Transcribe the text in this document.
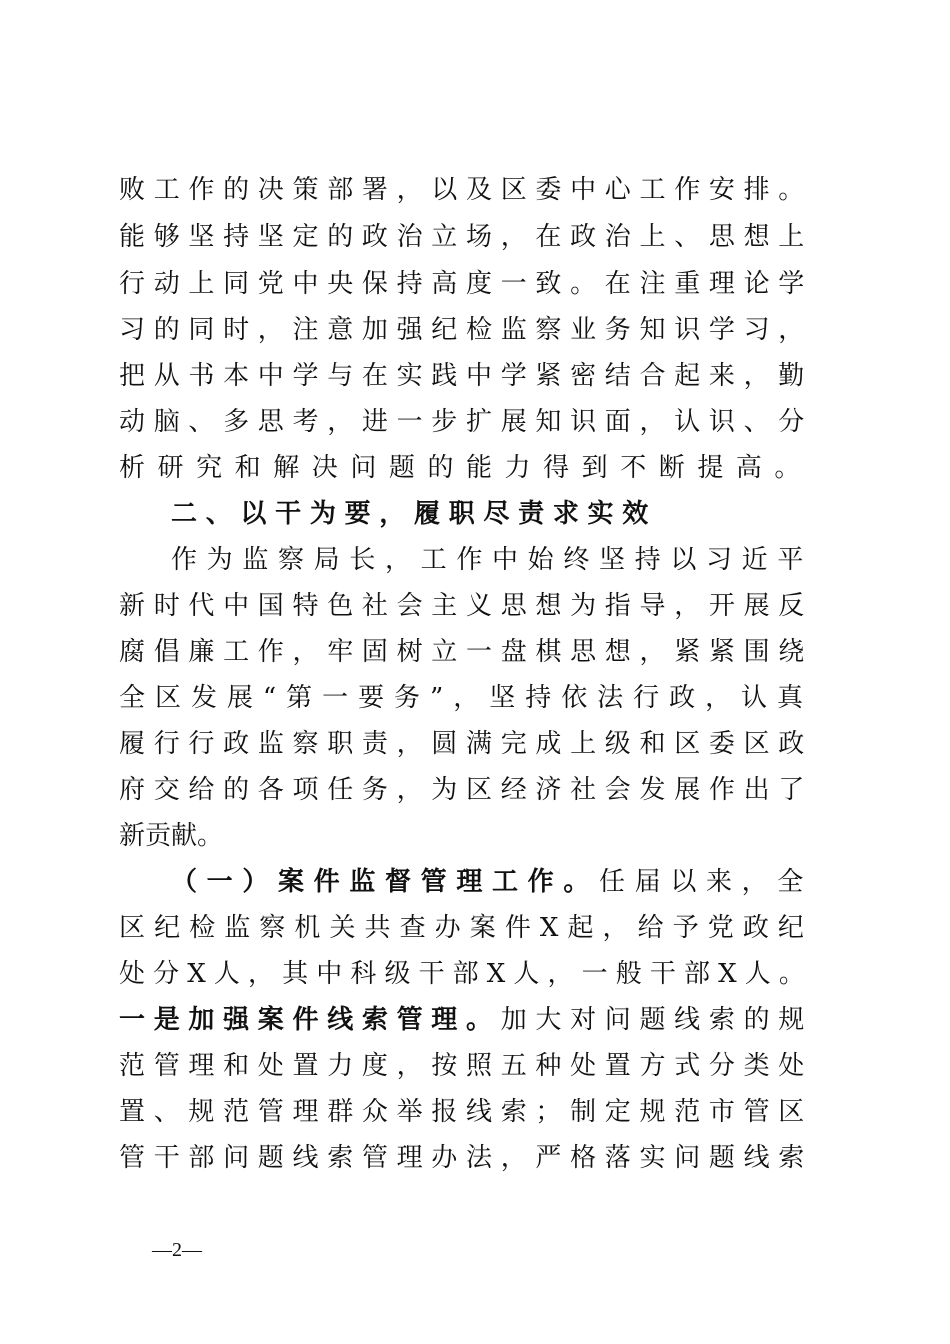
败工作的决策部署，以及区委中心工作安排。
能够坚持坚定的政治立场，在政治上、思想上
行动上同党中央保持高度一致。在注重理论学
习的同时，注意加强纪检监察业务知识学习，
把从书本中学与在实践中学紧密结合起来，勤
动脑、多思考，进一步扩展知识面，认识、分
析研究和解决问题的能力得到不断提高。
二、以干为要，履职尽责求实效
作为监察局长，工作中始终坚持以习近平
新时代中国特色社会主义思想为指导，开展反
腐倡廉工作，牢固树立一盘棋思想，紧紧围绕
全区发展“第一要务”，坚持依法行政，认真
履行行政监察职责，圆满完成上级和区委区政
府交给的各项任务，为区经济社会发展作出了
新贡献。
（一）案件监督管理工作。任届以来，全
区纪检监察机关共查办案件X起，给予党政纪
处分X人，其中科级干部X人，一般干部X人。
一是加强案件线索管理。加大对问题线索的规
范管理和处置力度，按照五种处置方式分类处
置、规范管理群众举报线索；制定规范市管区
管干部问题线索管理办法，严格落实问题线索
—2—
